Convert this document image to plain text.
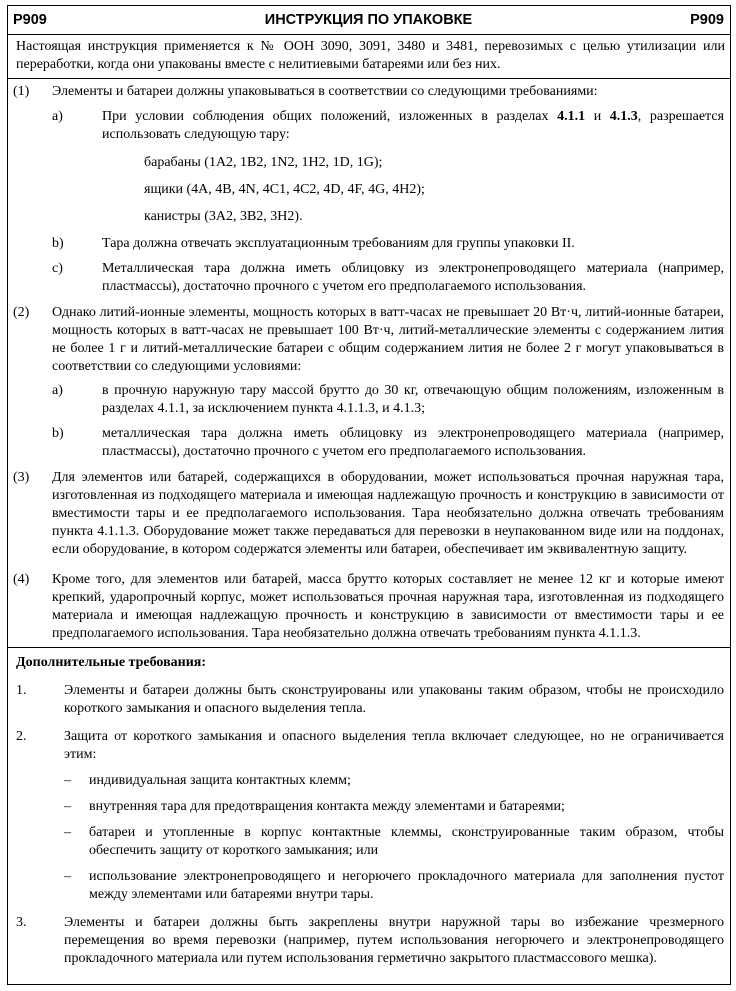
P909	ИНСТРУКЦИЯ ПО УПАКОВКЕ	P909
Настоящая инструкция применяется к № ООН 3090, 3091, 3480 и 3481, перевозимых с целью утилизации или переработки, когда они упакованы вместе с нелитиевыми батареями или без них.
(1) Элементы и батареи должны упаковываться в соответствии со следующими требованиями:
a)	При условии соблюдения общих положений, изложенных в разделах 4.1.1 и 4.1.3, разрешается использовать следующую тару:
барабаны (1A2, 1B2, 1N2, 1H2, 1D, 1G);
ящики (4A, 4B, 4N, 4C1, 4C2, 4D, 4F, 4G, 4H2);
канистры (3A2, 3B2, 3H2).
b)	Тара должна отвечать эксплуатационным требованиям для группы упаковки II.
c)	Металлическая тара должна иметь облицовку из электронепроводящего материала (например, пластмассы), достаточно прочного с учетом его предполагаемого использования.
(2) Однако литий-ионные элементы, мощность которых в ватт-часах не превышает 20 Вт·ч, литий-ионные батареи, мощность которых в ватт-часах не превышает 100 Вт·ч, литий-металлические элементы с содержанием лития не более 1 г и литий-металлические батареи с общим содержанием лития не более 2 г могут упаковываться в соответствии со следующими условиями:
a)	в прочную наружную тару массой брутто до 30 кг, отвечающую общим положениям, изложенным в разделах 4.1.1, за исключением пункта 4.1.1.3, и 4.1.3;
b)	металлическая тара должна иметь облицовку из электронепроводящего материала (например, пластмассы), достаточно прочного с учетом его предполагаемого использования.
(3) Для элементов или батарей, содержащихся в оборудовании, может использоваться прочная наружная тара, изготовленная из подходящего материала и имеющая надлежащую прочность и конструкцию в зависимости от вместимости тары и ее предполагаемого использования. Тара необязательно должна отвечать требованиям пункта 4.1.1.3. Оборудование может также передаваться для перевозки в неупакованном виде или на поддонах, если оборудование, в котором содержатся элементы или батареи, обеспечивает им эквивалентную защиту.
(4) Кроме того, для элементов или батарей, масса брутто которых составляет не менее 12 кг и которые имеют крепкий, ударопрочный корпус, может использоваться прочная наружная тара, изготовленная из подходящего материала и имеющая надлежащую прочность и конструкцию в зависимости от вместимости тары и ее предполагаемого использования. Тара необязательно должна отвечать требованиям пункта 4.1.1.3.
Дополнительные требования:
1.	Элементы и батареи должны быть сконструированы или упакованы таким образом, чтобы не происходило короткого замыкания и опасного выделения тепла.
2.	Защита от короткого замыкания и опасного выделения тепла включает следующее, но не ограничивается этим:
– индивидуальная защита контактных клемм;
– внутренняя тара для предотвращения контакта между элементами и батареями;
– батареи и утопленные в корпус контактные клеммы, сконструированные таким образом, чтобы обеспечить защиту от короткого замыкания; или
– использование электронепроводящего и негорючего прокладочного материала для заполнения пустот между элементами или батареями внутри тары.
3.	Элементы и батареи должны быть закреплены внутри наружной тары во избежание чрезмерного перемещения во время перевозки (например, путем использования негорючего и электронепроводящего прокладочного материала или путем использования герметично закрытого пластмассового мешка).
